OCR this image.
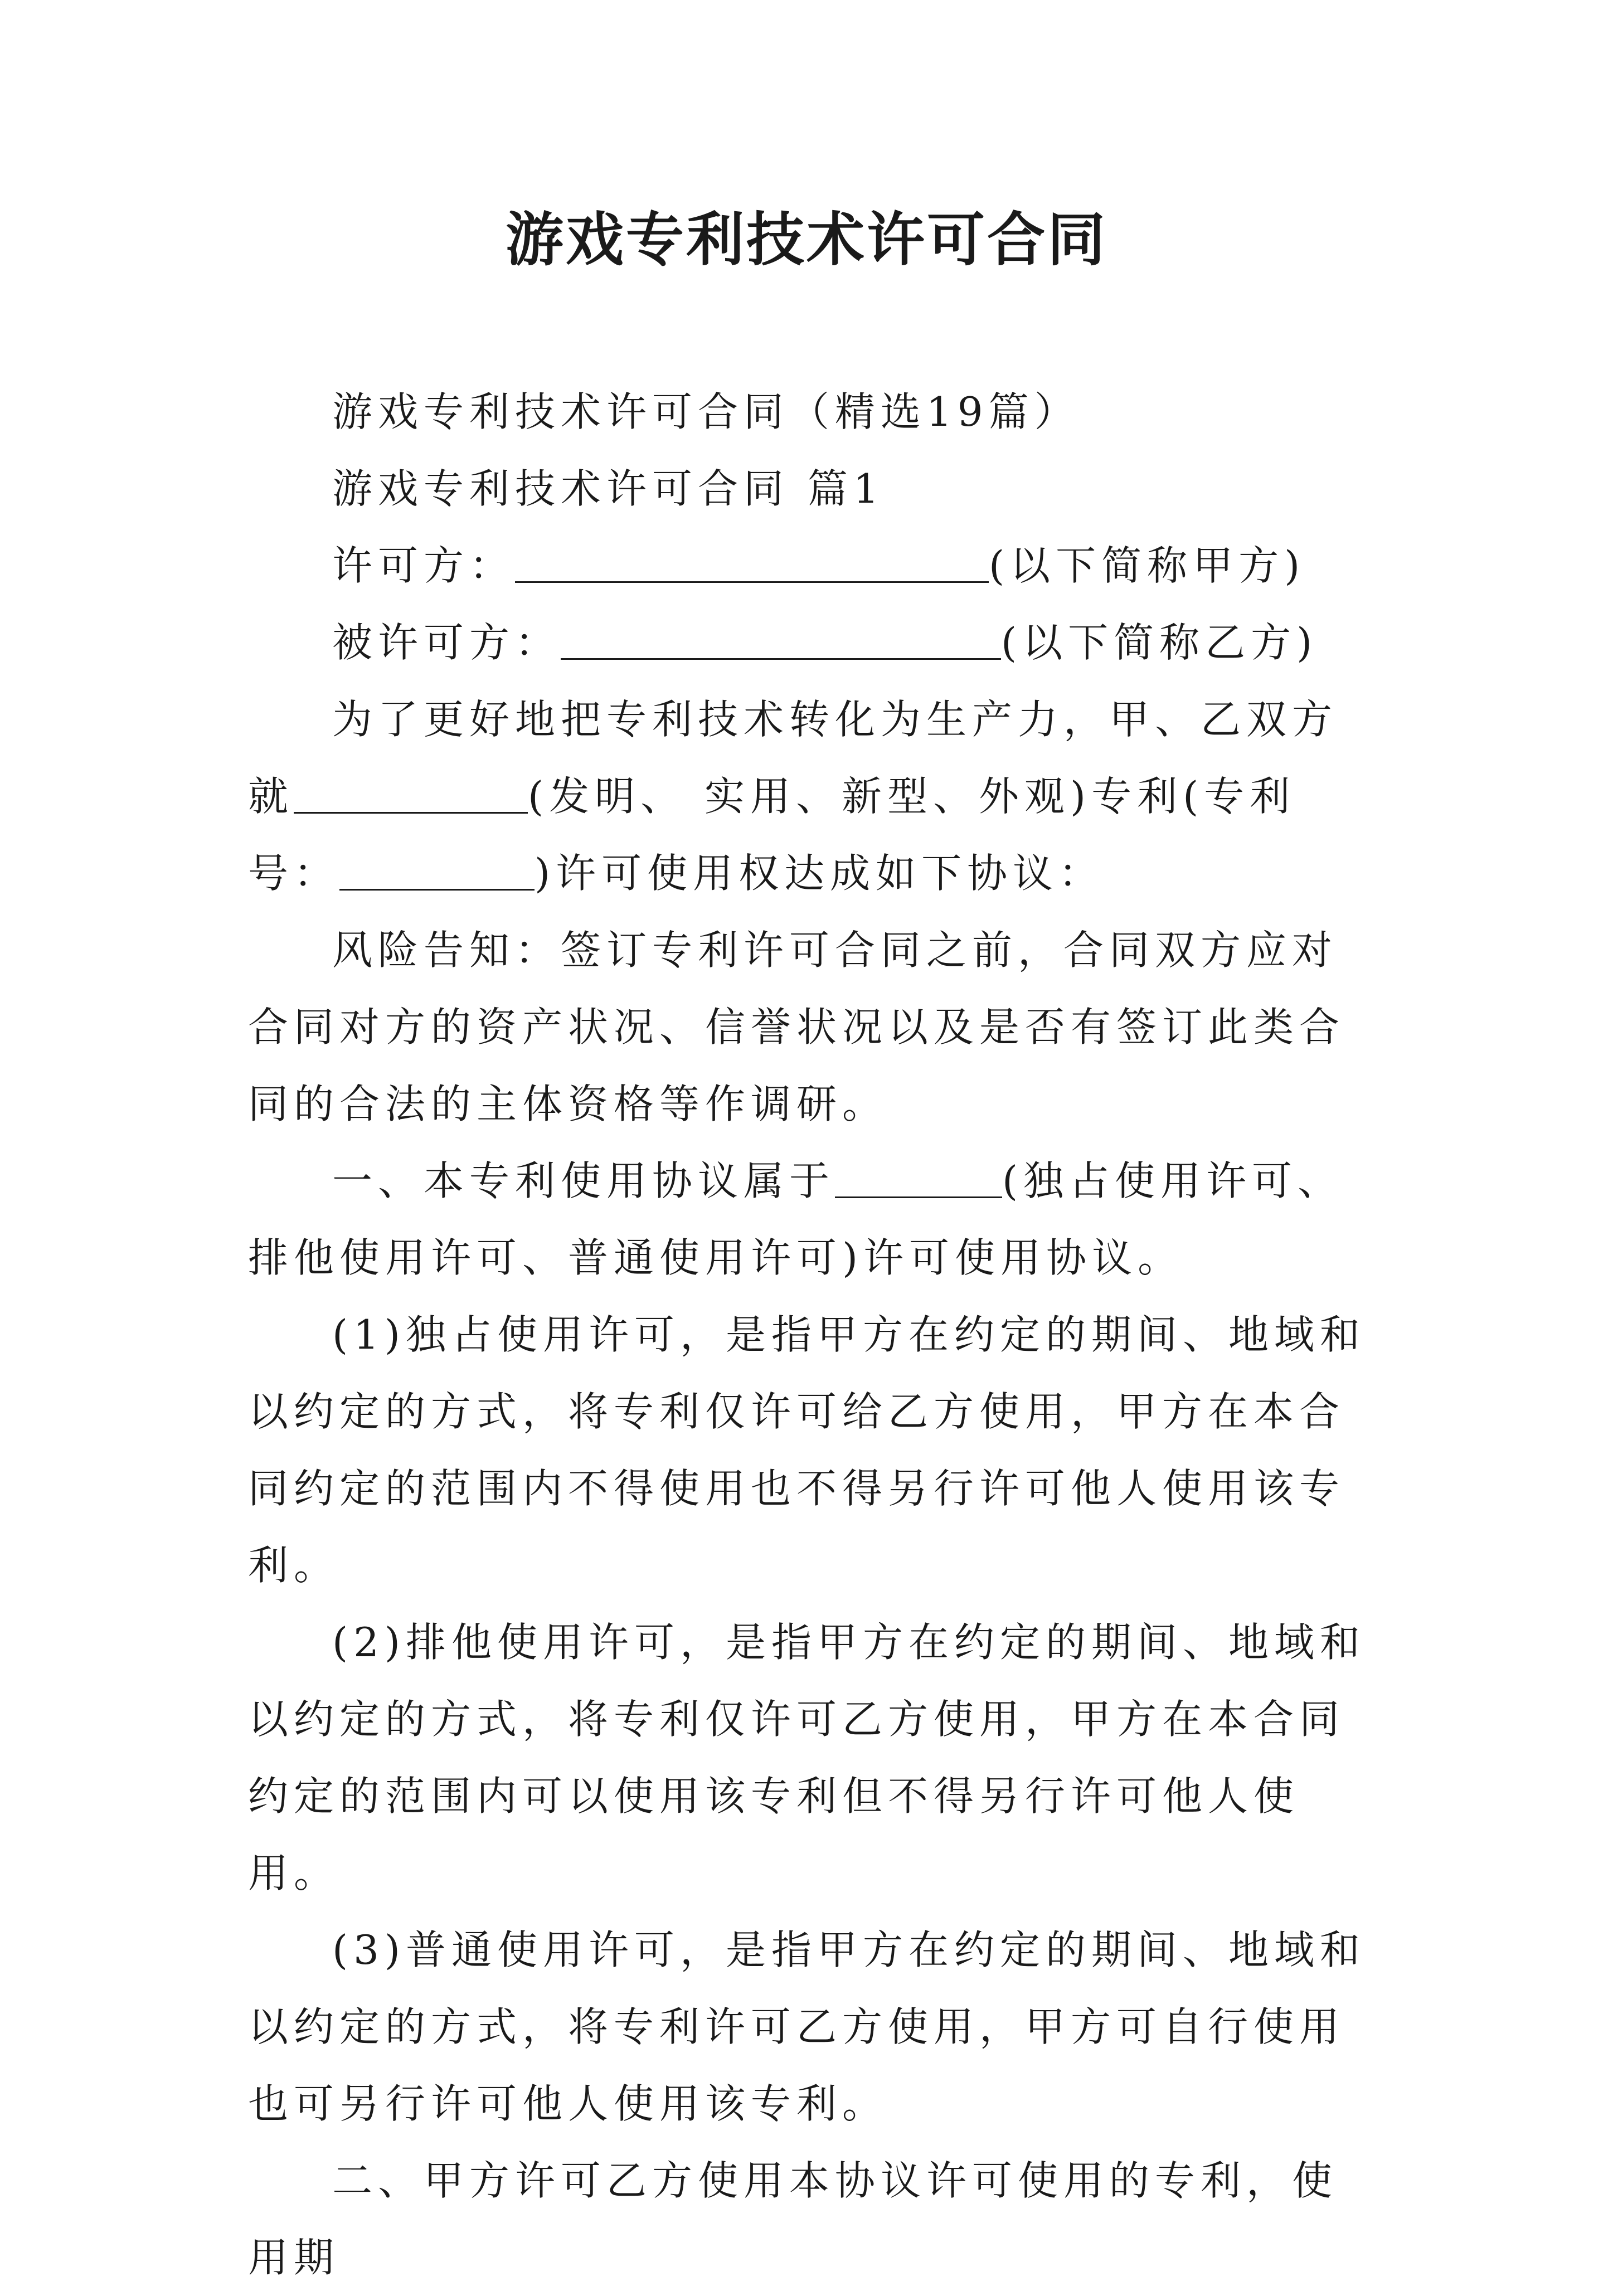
游戏专利技术许可合同

游戏专利技术许可合同（精选19篇）

游戏专利技术许可合同 篇1

许可方：	(以下简称甲方)

被许可方：	(以下简称乙方)

为了更好地把专利技术转化为生产力，甲、乙双方就	(发明、 实用、新型、外观)专利(专利号：	)许可使用权达成如下协议：

风险告知：签订专利许可合同之前，合同双方应对合同对方的资产状况、信誉状况以及是否有签订此类合同的合法的主体资格等作调研。

一、本专利使用协议属于	(独占使用许可、排他使用许可、普通使用许可)许可使用协议。

(1)独占使用许可，是指甲方在约定的期间、地域和以约定的方式，将专利仅许可给乙方使用，甲方在本合同约定的范围内不得使用也不得另行许可他人使用该专利。

(2)排他使用许可，是指甲方在约定的期间、地域和以约定的方式，将专利仅许可乙方使用，甲方在本合同约定的范围内可以使用该专利但不得另行许可他人使用。

(3)普通使用许可，是指甲方在约定的期间、地域和以约定的方式，将专利许可乙方使用，甲方可自行使用也可另行许可他人使用该专利。

二、甲方许可乙方使用本协议许可使用的专利，使用期
